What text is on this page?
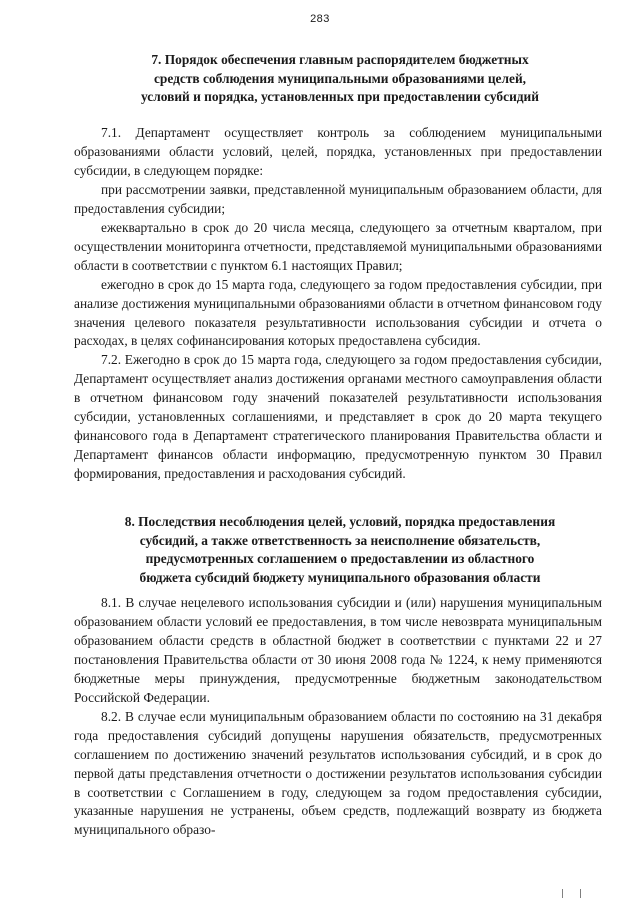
283
7. Порядок обеспечения главным распорядителем бюджетных
средств соблюдения муниципальными образованиями целей,
условий и порядка, установленных при предоставлении субсидий

7.1. Департамент осуществляет контроль за соблюдением муниципальными образованиями области условий, целей, порядка, установленных при предоставлении субсидии, в следующем порядке:

при рассмотрении заявки, представленной муниципальным образованием области, для предоставления субсидии;

ежеквартально в срок до 20 числа месяца, следующего за отчетным кварталом, при осуществлении мониторинга отчетности, представляемой муниципальными образованиями области в соответствии с пунктом 6.1 настоящих Правил;

ежегодно в срок до 15 марта года, следующего за годом предоставления субсидии, при анализе достижения муниципальными образованиями области в отчетном финансовом году значения целевого показателя результативности использования субсидии и отчета о расходах, в целях софинансирования которых предоставлена субсидия.

7.2. Ежегодно в срок до 15 марта года, следующего за годом предоставления субсидии, Департамент осуществляет анализ достижения органами местного самоуправления области в отчетном финансовом году значений показателей результативности использования субсидии, установленных соглашениями, и представляет в срок до 20 марта текущего финансового года в Департамент стратегического планирования Правительства области и Департамент финансов области информацию, предусмотренную пунктом 30 Правил формирования, предоставления и расходования субсидий.

8. Последствия несоблюдения целей, условий, порядка предоставления
субсидий, а также ответственность за неисполнение обязательств,
предусмотренных соглашением о предоставлении из областного
бюджета субсидий бюджету муниципального образования области

8.1. В случае нецелевого использования субсидии и (или) нарушения муниципальным образованием области условий ее предоставления, в том числе невозврата муниципальным образованием области средств в областной бюджет в соответствии с пунктами 22 и 27 постановления Правительства области от 30 июня 2008 года № 1224, к нему применяются бюджетные меры принуждения, предусмотренные бюджетным законодательством Российской Федерации.

8.2. В случае если муниципальным образованием области по состоянию на 31 декабря года предоставления субсидий допущены нарушения обязательств, предусмотренных соглашением по достижению значений результатов использования субсидий, и в срок до первой даты представления отчетности о достижении результатов использования субсидии в соответствии с Соглашением в году, следующем за годом предоставления субсидии, указанные нарушения не устранены, объем средств, подлежащий возврату из бюджета муниципального образо-

| |
